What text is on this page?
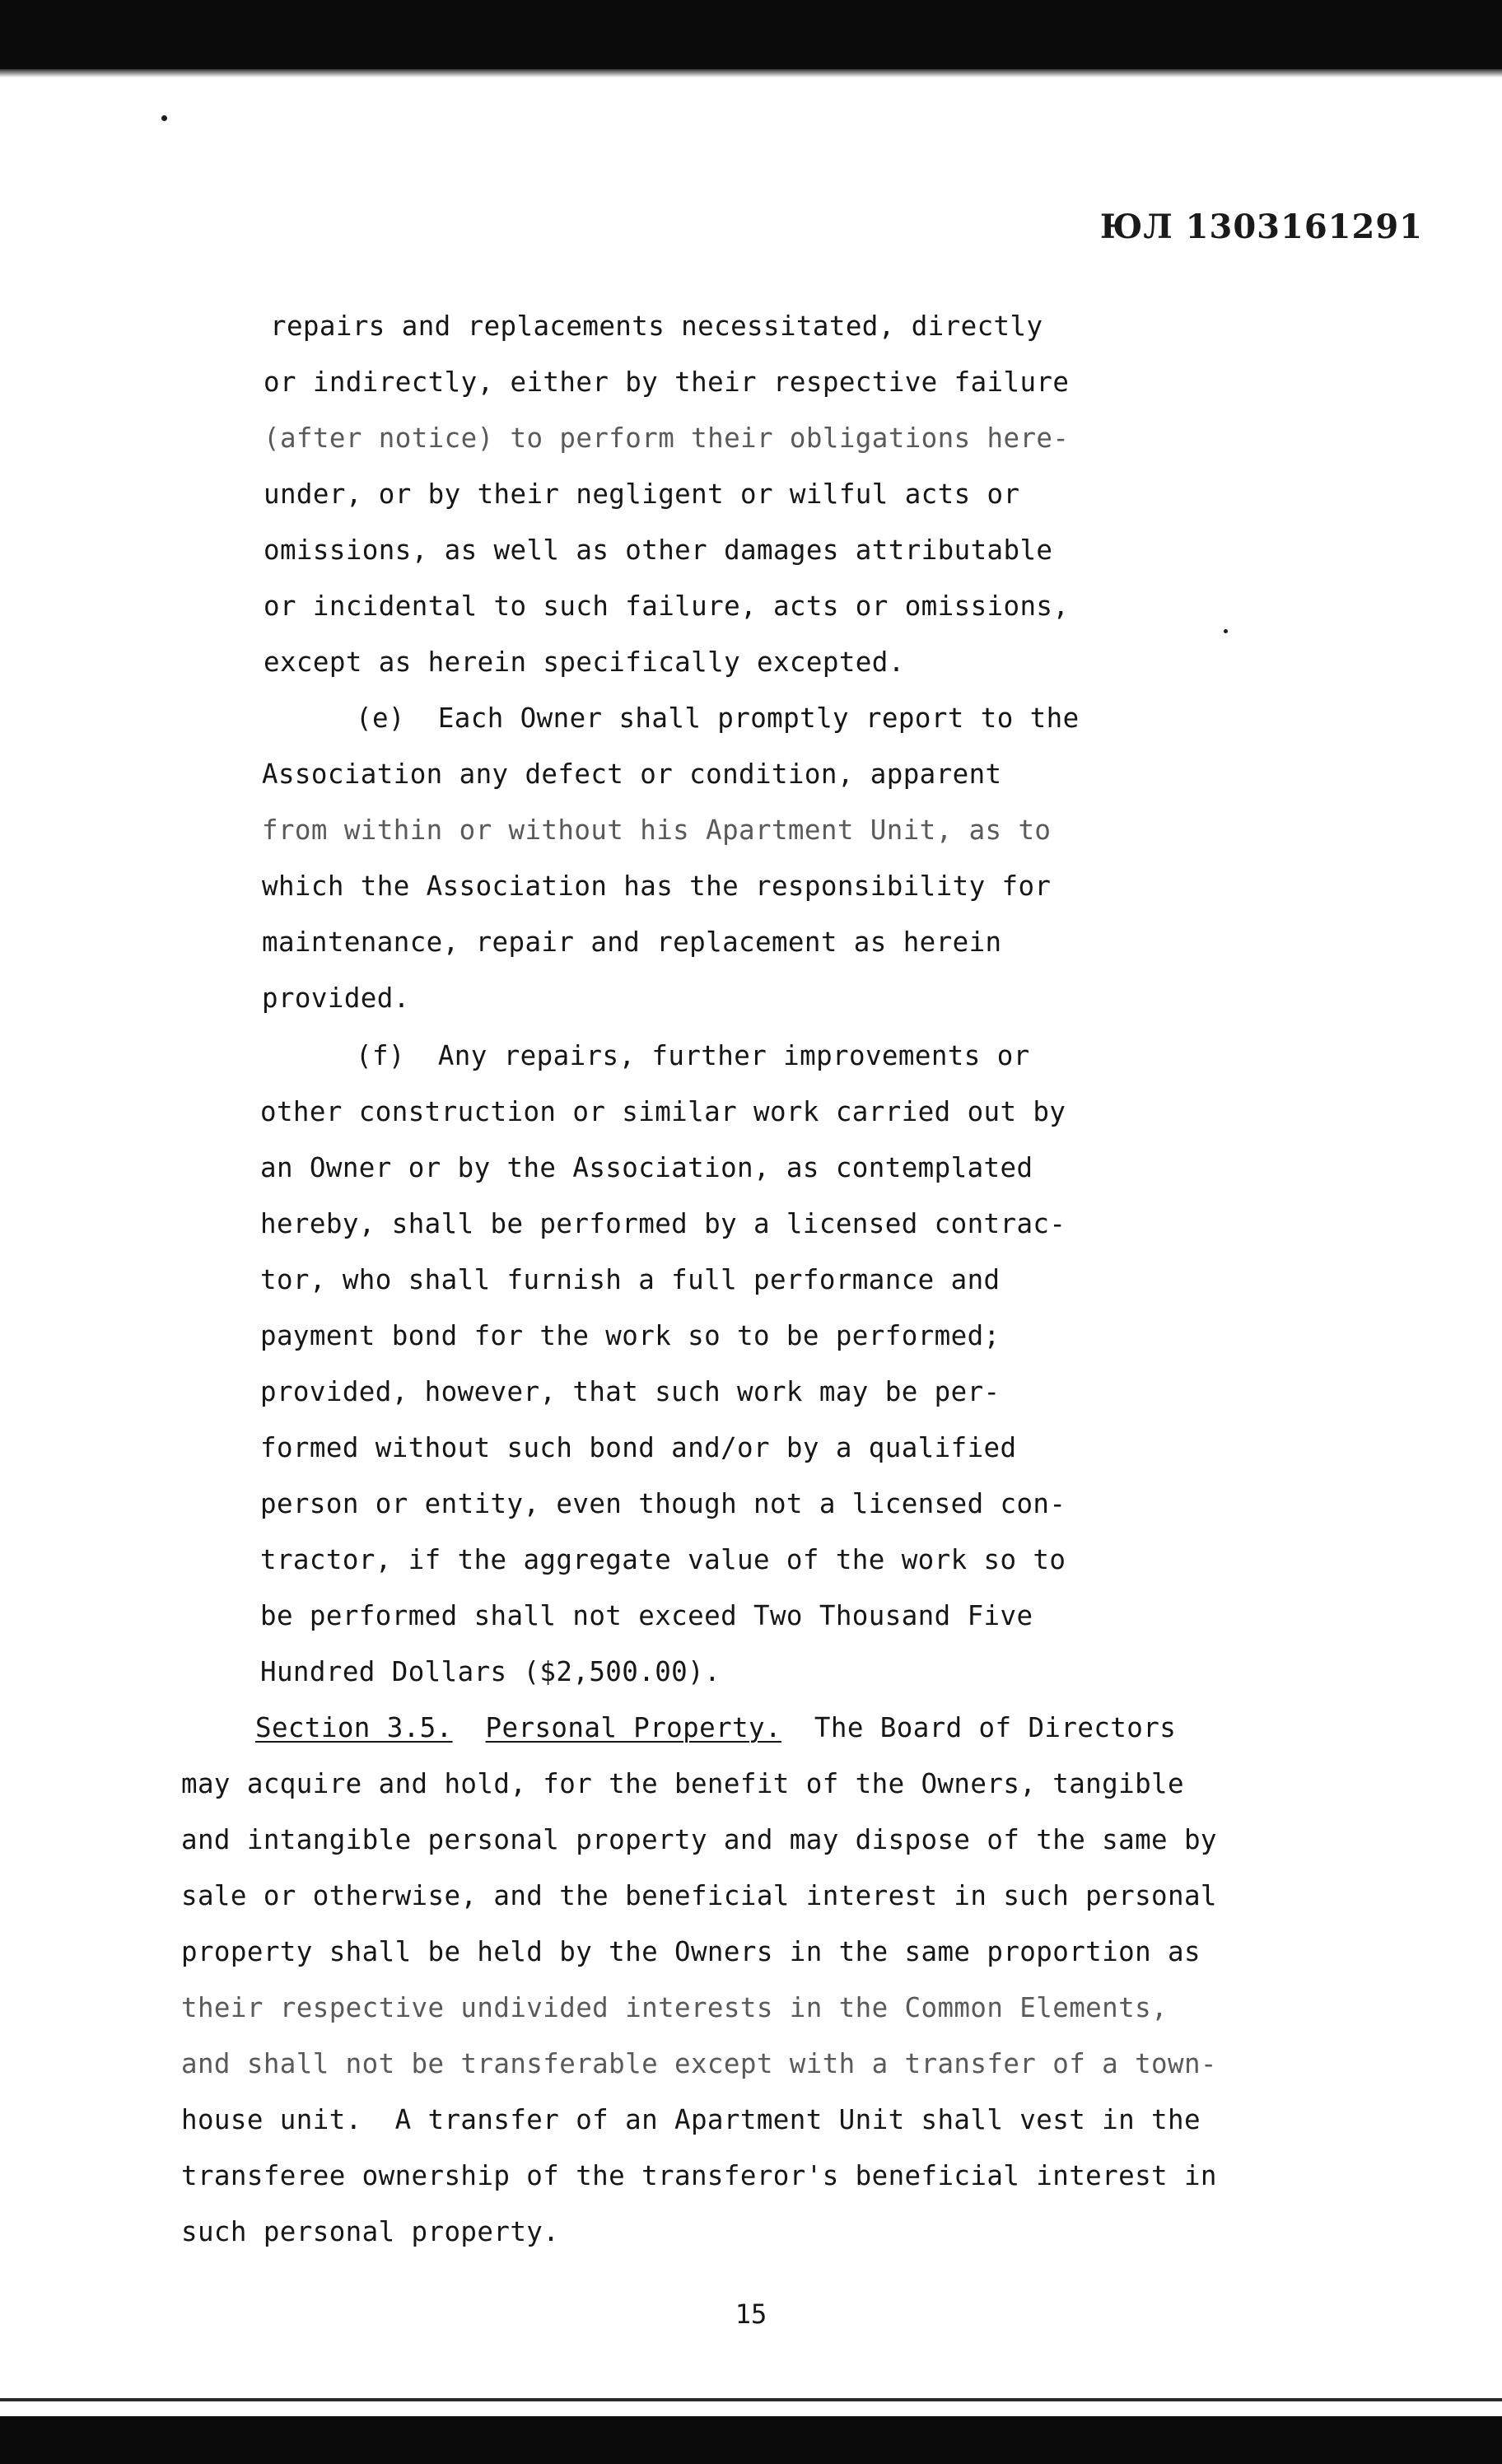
ЮЛ 1303161291
repairs and replacements necessitated, directly
or indirectly, either by their respective failure
(after notice) to perform their obligations here-
under, or by their negligent or wilful acts or
omissions, as well as other damages attributable
or incidental to such failure, acts or omissions,
except as herein specifically excepted.
(e)  Each Owner shall promptly report to the
Association any defect or condition, apparent
from within or without his Apartment Unit, as to
which the Association has the responsibility for
maintenance, repair and replacement as herein
provided.
(f)  Any repairs, further improvements or
other construction or similar work carried out by
an Owner or by the Association, as contemplated
hereby, shall be performed by a licensed contrac-
tor, who shall furnish a full performance and
payment bond for the work so to be performed;
provided, however, that such work may be per-
formed without such bond and/or by a qualified
person or entity, even though not a licensed con-
tractor, if the aggregate value of the work so to
be performed shall not exceed Two Thousand Five
Hundred Dollars ($2,500.00).
Section 3.5. Personal Property. The Board of Directors
may acquire and hold, for the benefit of the Owners, tangible
and intangible personal property and may dispose of the same by
sale or otherwise, and the beneficial interest in such personal
property shall be held by the Owners in the same proportion as
their respective undivided interests in the Common Elements,
and shall not be transferable except with a transfer of a town-
house unit.  A transfer of an Apartment Unit shall vest in the
transferee ownership of the transferor's beneficial interest in
such personal property.
15
